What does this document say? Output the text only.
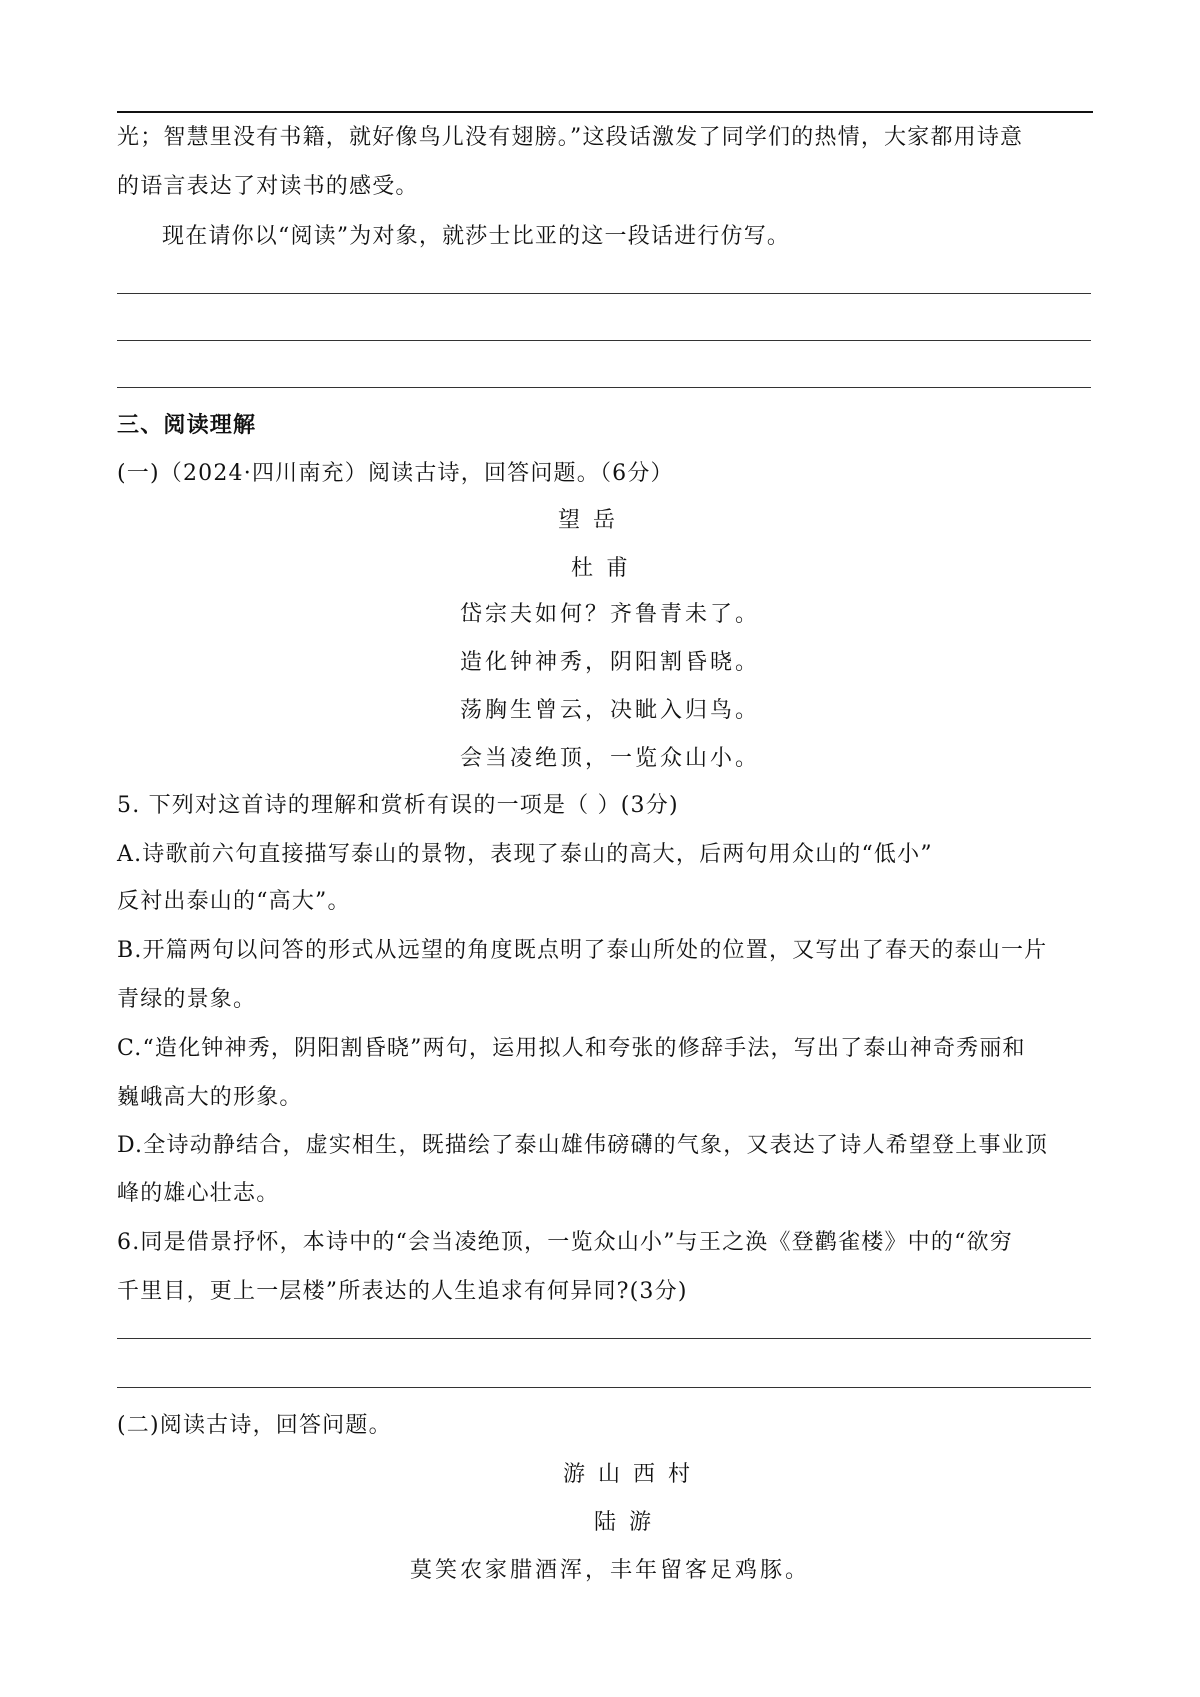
光；智慧里没有书籍，就好像鸟儿没有翅膀。”这段话激发了同学们的热情，大家都用诗意
的语言表达了对读书的感受。
现在请你以“阅读”为对象，就莎士比亚的这一段话进行仿写。
三、阅读理解
(一)（2024·四川南充）阅读古诗，回答问题。（6分）
望 岳
杜 甫
岱宗夫如何？齐鲁青未了。
造化钟神秀，阴阳割昏晓。
荡胸生曾云，决眦入归鸟。
会当凌绝顶，一览众山小。
5. 下列对这首诗的理解和赏析有误的一项是（ ）(3分)
A.诗歌前六句直接描写泰山的景物，表现了泰山的高大，后两句用众山的“低小”
反衬出泰山的“高大”。
B.开篇两句以问答的形式从远望的角度既点明了泰山所处的位置，又写出了春天的泰山一片
青绿的景象。
C.“造化钟神秀，阴阳割昏晓”两句，运用拟人和夸张的修辞手法，写出了泰山神奇秀丽和
巍峨高大的形象。
D.全诗动静结合，虚实相生，既描绘了泰山雄伟磅礴的气象，又表达了诗人希望登上事业顶
峰的雄心壮志。
6.同是借景抒怀，本诗中的“会当凌绝顶，一览众山小”与王之涣《登鹳雀楼》中的“欲穷
千里目，更上一层楼”所表达的人生追求有何异同?(3分)
(二)阅读古诗，回答问题。
游 山 西 村
陆 游
莫笑农家腊酒浑，丰年留客足鸡豚。
